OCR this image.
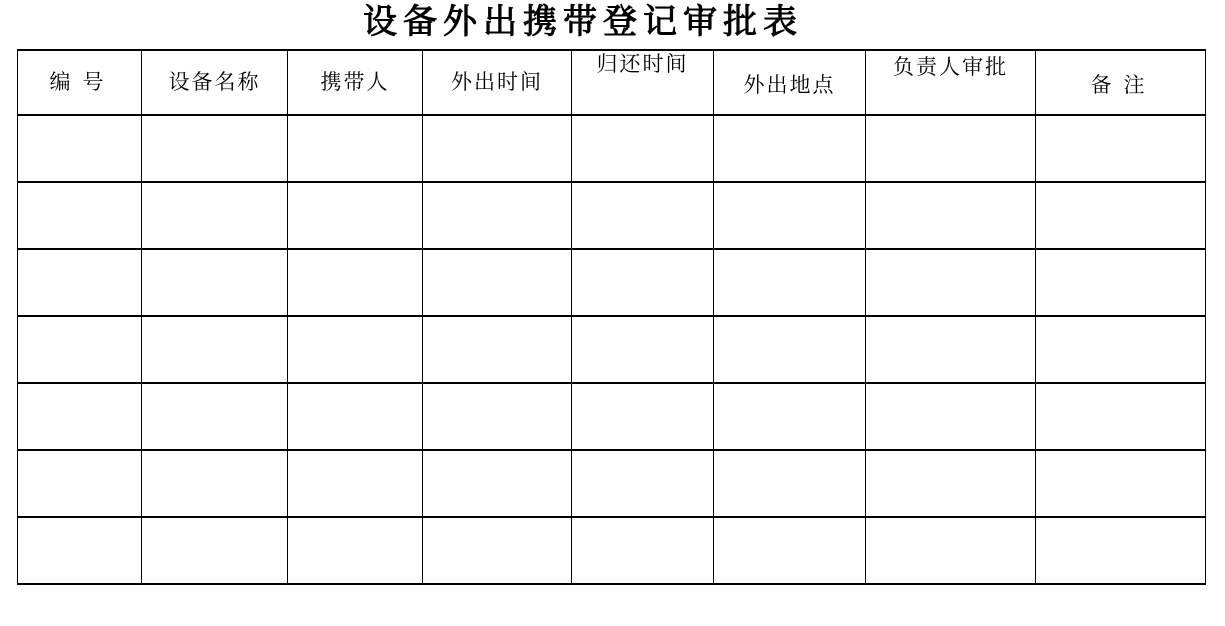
设备外出携带登记审批表
编号	设备名称	携带人	外出时间	归还时间	外出地点	负责人审批	备注
